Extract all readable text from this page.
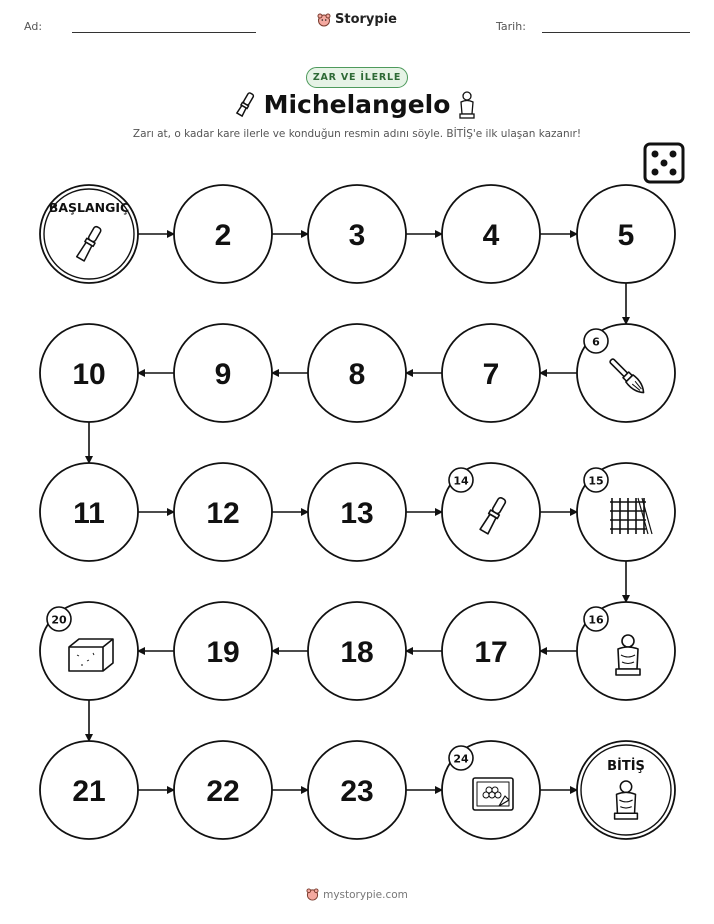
Ad:	Storypie	Tarih:
ZAR VE İLERLE
Michelangelo
Zarı at, o kadar kare ilerle ve konduğun resmin adını söyle. BİTİŞ'e ilk ulaşan kazanır!
BAŞLANGIÇ
2	3	4	5
6
7
8
9
10
11	12	13
14	15
16
17
18
19
20
21	22	23
24	BİTİŞ
mystorypie.com
